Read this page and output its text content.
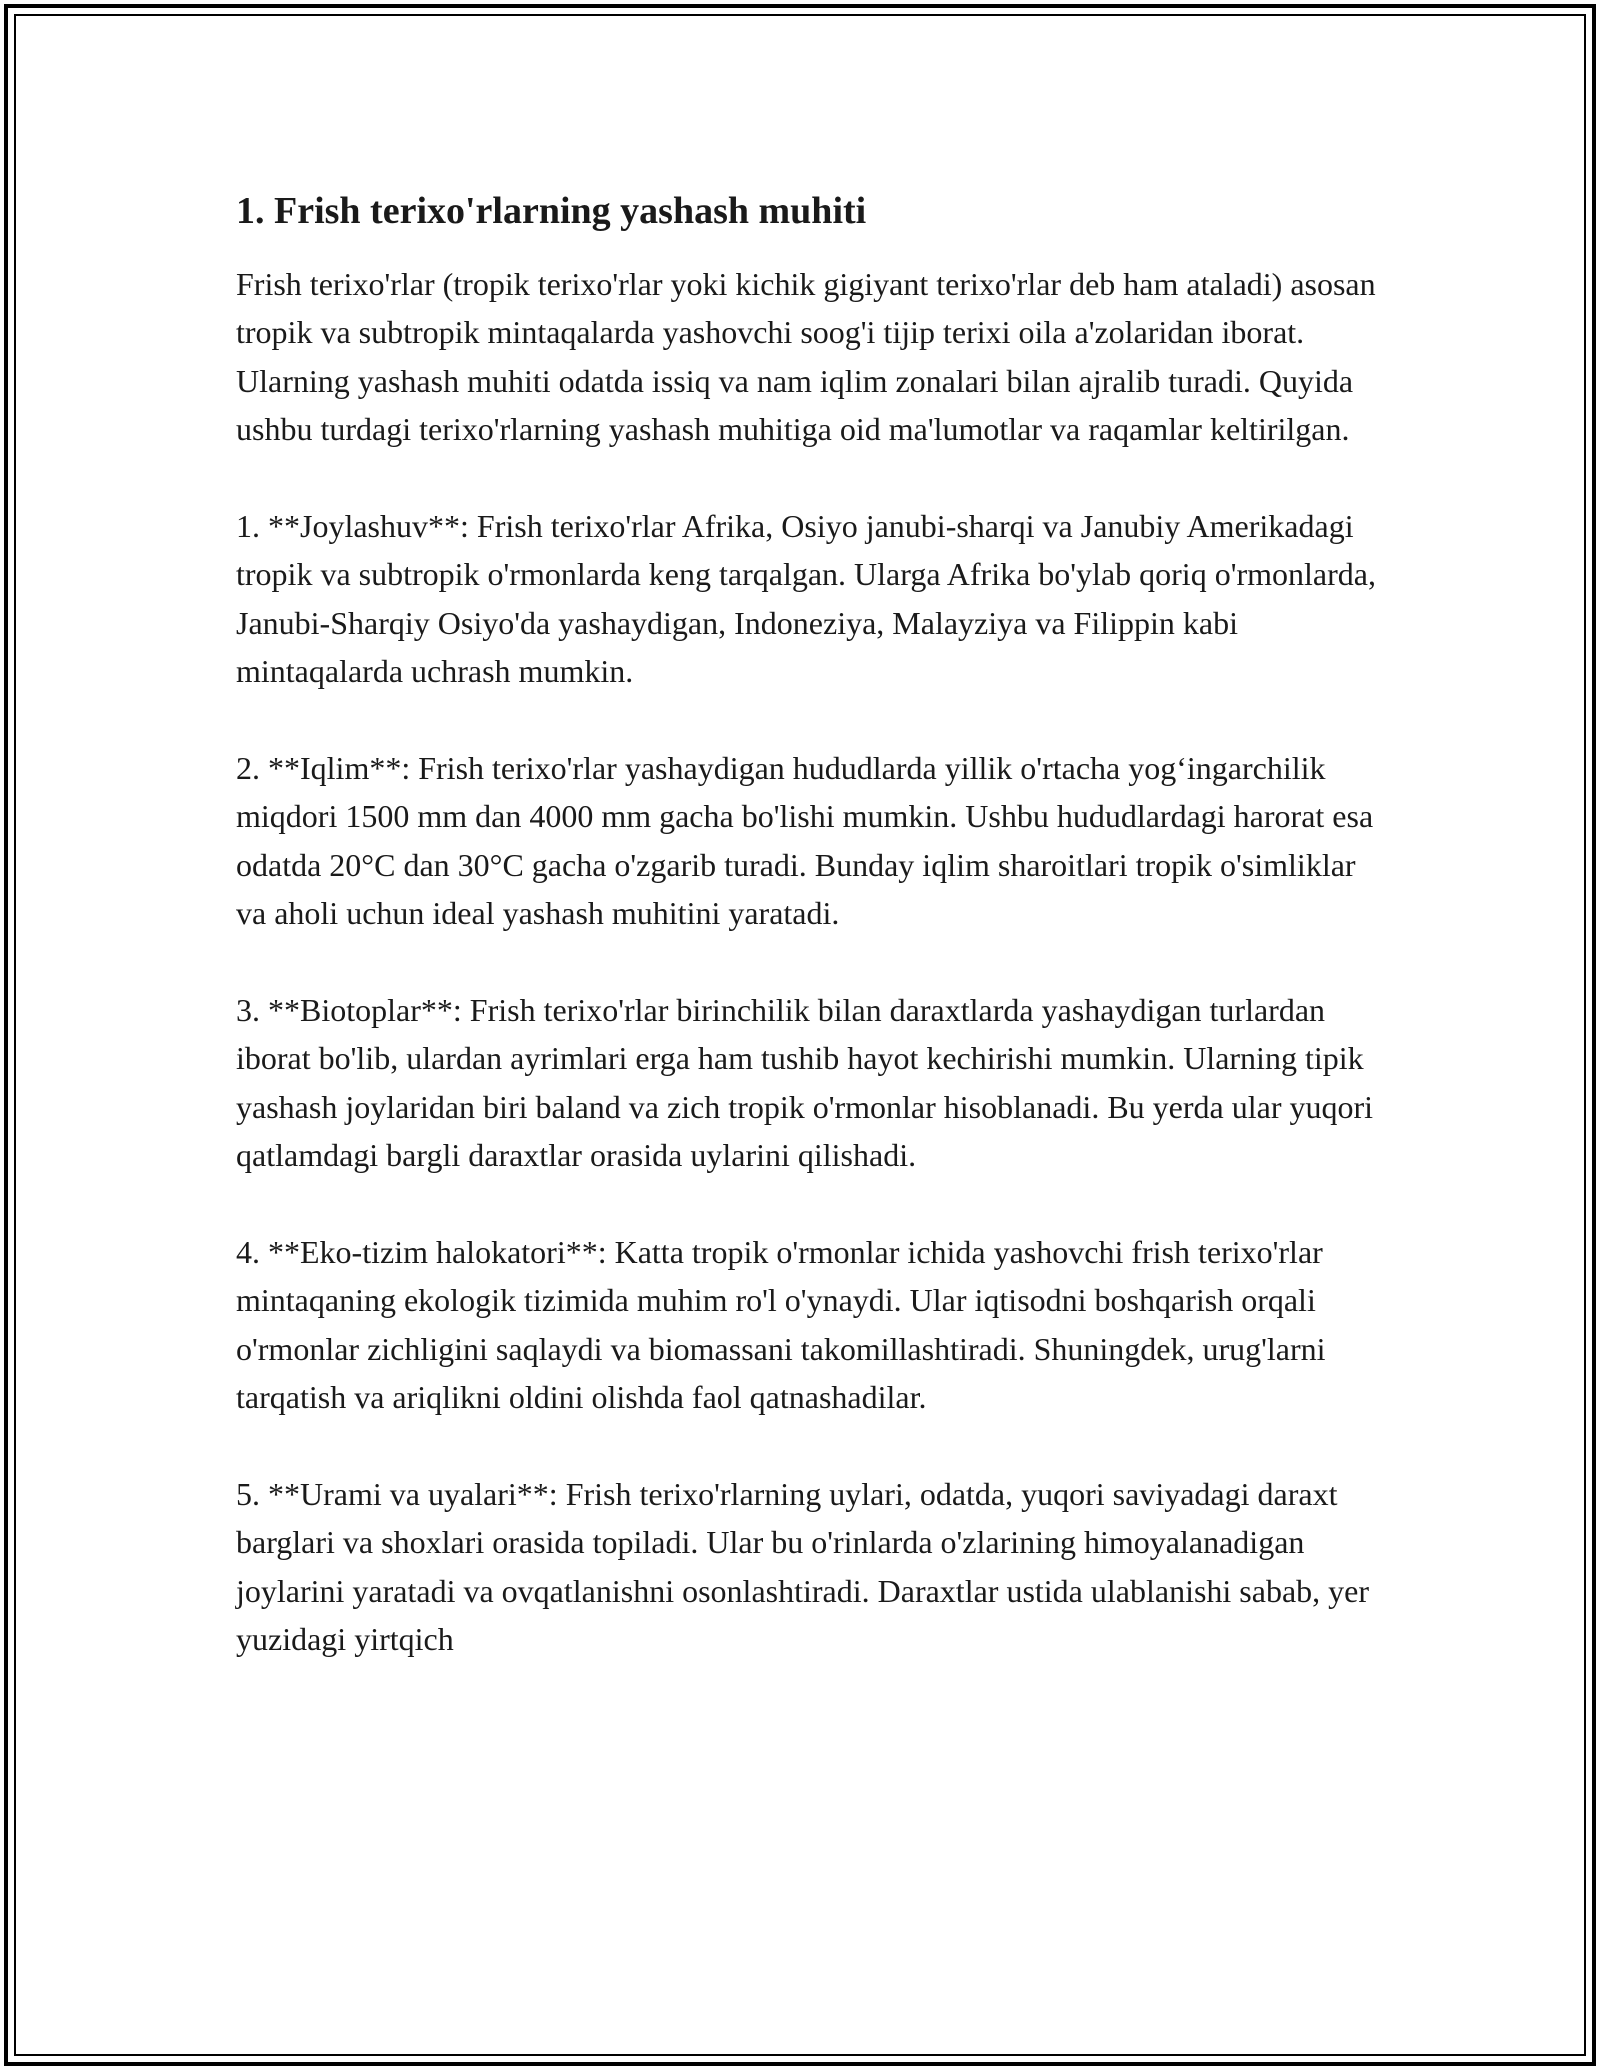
1. Frish terixo'rlarning yashash muhiti

Frish terixo'rlar (tropik terixo'rlar yoki kichik gigiyant terixo'rlar deb ham ataladi) asosan tropik va subtropik mintaqalarda yashovchi soog'i tijip terixi oila a'zolaridan iborat. Ularning yashash muhiti odatda issiq va nam iqlim zonalari bilan ajralib turadi. Quyida ushbu turdagi terixo'rlarning yashash muhitiga oid ma'lumotlar va raqamlar keltirilgan.

1. **Joylashuv**: Frish terixo'rlar Afrika, Osiyo janubi-sharqi va Janubiy Amerikadagi tropik va subtropik o'rmonlarda keng tarqalgan. Ularga Afrika bo'ylab qoriq o'rmonlarda, Janubi-Sharqiy Osiyo'da yashaydigan, Indoneziya, Malayziya va Filippin kabi mintaqalarda uchrash mumkin.

2. **Iqlim**: Frish terixo'rlar yashaydigan hududlarda yillik o'rtacha yog‘ingarchilik miqdori 1500 mm dan 4000 mm gacha bo'lishi mumkin. Ushbu hududlardagi harorat esa odatda 20°C dan 30°C gacha o'zgarib turadi. Bunday iqlim sharoitlari tropik o'simliklar va aholi uchun ideal yashash muhitini yaratadi.

3. **Biotoplar**: Frish terixo'rlar birinchilik bilan daraxtlarda yashaydigan turlardan iborat bo'lib, ulardan ayrimlari erga ham tushib hayot kechirishi mumkin. Ularning tipik yashash joylaridan biri baland va zich tropik o'rmonlar hisoblanadi. Bu yerda ular yuqori qatlamdagi bargli daraxtlar orasida uylarini qilishadi.

4. **Eko-tizim halokatori**: Katta tropik o'rmonlar ichida yashovchi frish terixo'rlar mintaqaning ekologik tizimida muhim ro'l o'ynaydi. Ular iqtisodni boshqarish orqali o'rmonlar zichligini saqlaydi va biomassani takomillashtiradi. Shuningdek, urug'larni tarqatish va ariqlikni oldini olishda faol qatnashadilar.

5. **Urami va uyalari**: Frish terixo'rlarning uylari, odatda, yuqori saviyadagi daraxt barglari va shoxlari orasida topiladi. Ular bu o'rinlarda o'zlarining himoyalanadigan joylarini yaratadi va ovqatlanishni osonlashtiradi. Daraxtlar ustida ulablanishi sabab, yer yuzidagi yirtqich
